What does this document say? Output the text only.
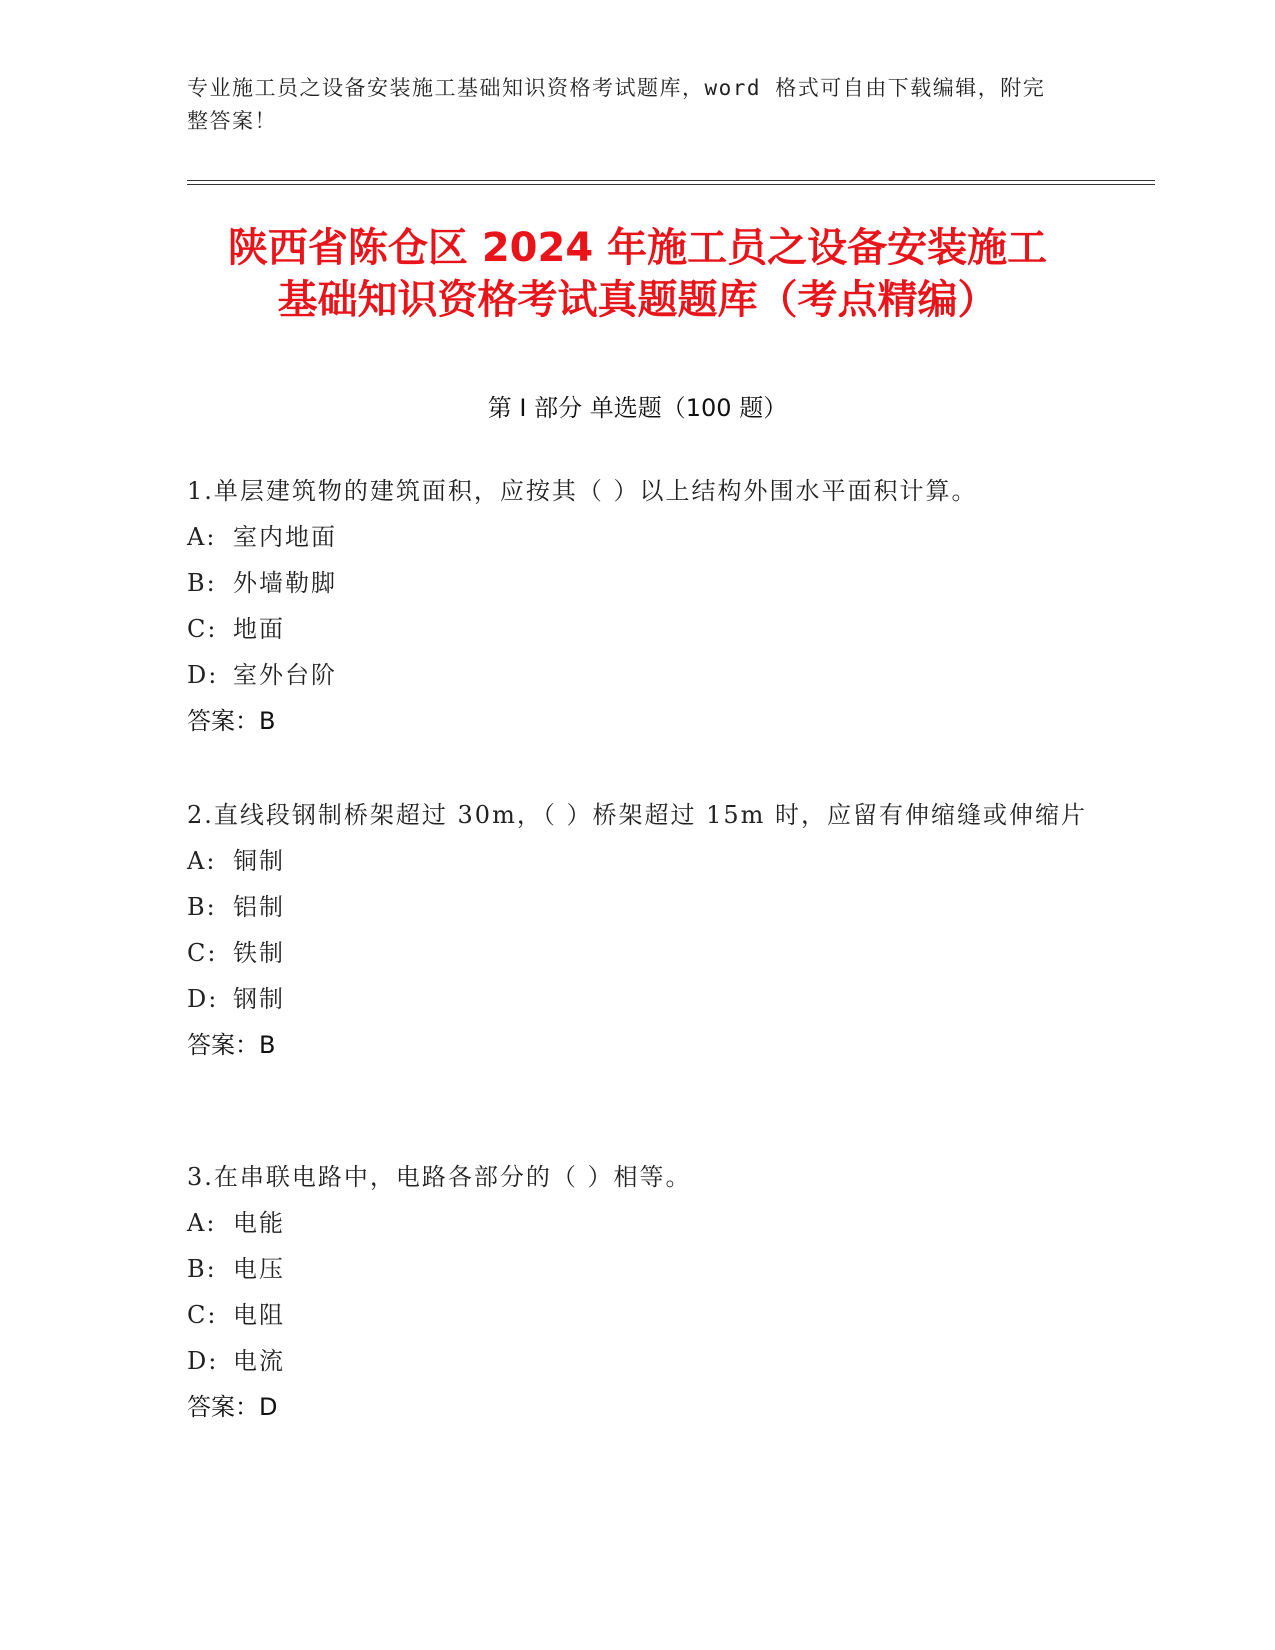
专业施工员之设备安装施工基础知识资格考试题库，word 格式可自由下载编辑，附完整答案！
陕西省陈仓区 2024 年施工员之设备安装施工
基础知识资格考试真题题库（考点精编）
第 I 部分 单选题（100 题）
1.单层建筑物的建筑面积，应按其（ ）以上结构外围水平面积计算。
A: 室内地面
B: 外墙勒脚
C: 地面
D: 室外台阶
答案：B
2.直线段钢制桥架超过 30m，（ ）桥架超过 15m 时，应留有伸缩缝或伸缩片
A: 铜制
B: 铝制
C: 铁制
D: 钢制
答案：B
3.在串联电路中，电路各部分的（ ）相等。
A: 电能
B: 电压
C: 电阻
D: 电流
答案：D
